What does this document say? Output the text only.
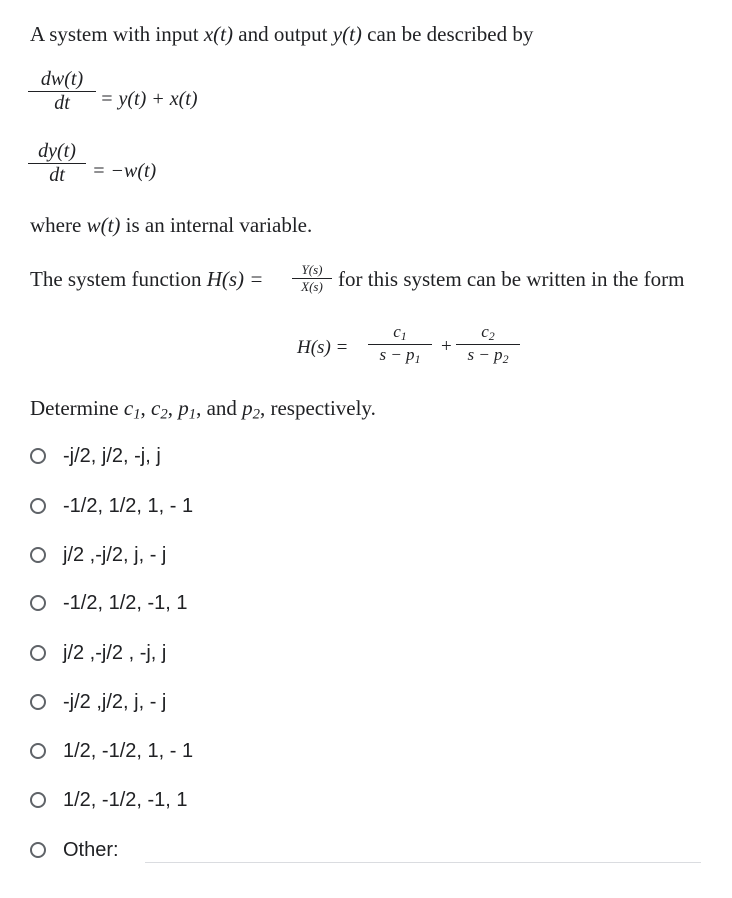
A system with input x(t) and output y(t) can be described by
dw(t)
dt = y(t) + x(t)
dy(t)
dt = −w(t)
where w(t) is an internal variable.
The system function H(s) =	Y(s)
X(s) for this system can be written in the form
H(s) =
$c_1$
$s - p_1$
+
$c_2$
$s - p_2$
Determine $c_1$, $c_2$, $p_1$, and $p_2$, respectively.
-j/2, j/2, -j, j
-1/2, 1/2, 1, - 1
j/2 ,-j/2, j, - j
-1/2, 1/2, -1, 1
j/2 ,-j/2 , -j, j
-j/2 ,j/2, j, - j
1/2, -1/2, 1, - 1
1/2, -1/2, -1, 1
Other:
